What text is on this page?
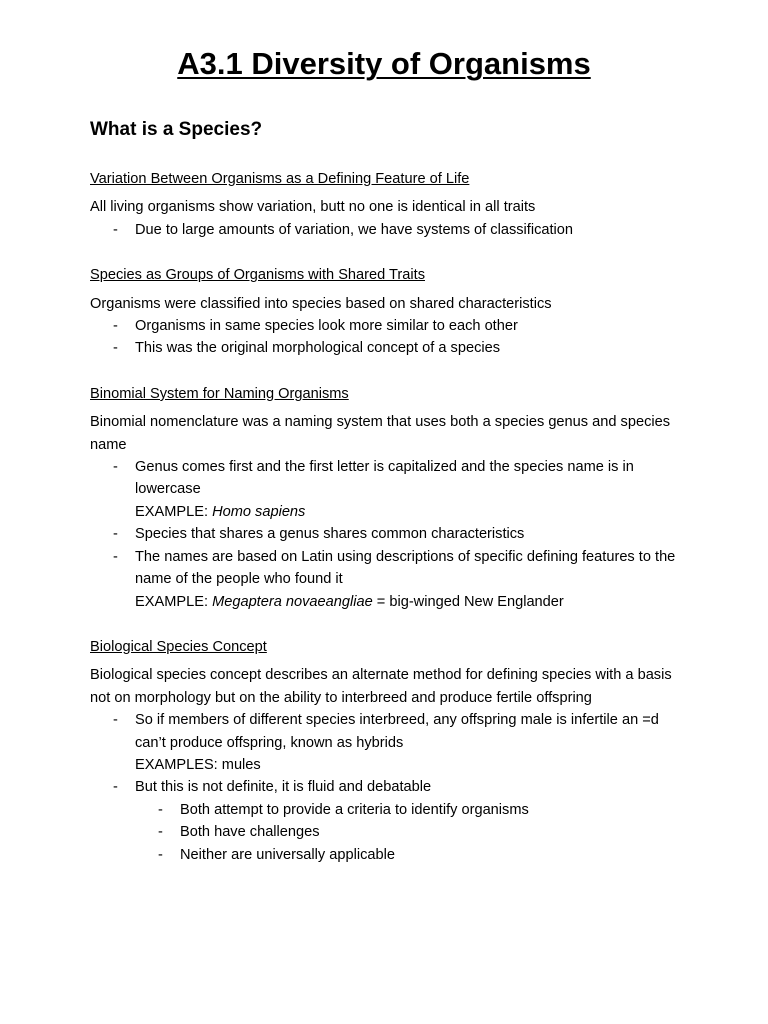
A3.1 Diversity of Organisms
What is a Species?

Variation Between Organisms as a Defining Feature of Life

All living organisms show variation, butt no one is identical in all traits

- Due to large amounts of variation, we have systems of classification

Species as Groups of Organisms with Shared Traits

Organisms were classified into species based on shared characteristics

- Organisms in same species look more similar to each other
- This was the original morphological concept of a species

Binomial System for Naming Organisms

Binomial nomenclature was a naming system that uses both a species genus and species name

- Genus comes first and the first letter is capitalized and the species name is in lowercase
EXAMPLE: Homo sapiens
- Species that shares a genus shares common characteristics
- The names are based on Latin using descriptions of specific defining features to the name of the people who found it
EXAMPLE: Megaptera novaeangliae = big-winged New Englander

Biological Species Concept

Biological species concept describes an alternate method for defining species with a basis not on morphology but on the ability to interbreed and produce fertile offspring

- So if members of different species interbreed, any offspring male is infertile an =d can’t produce offspring, known as hybrids
EXAMPLES: mules
- But this is not definite, it is fluid and debatable
- Both attempt to provide a criteria to identify organisms
- Both have challenges
- Neither are universally applicable
